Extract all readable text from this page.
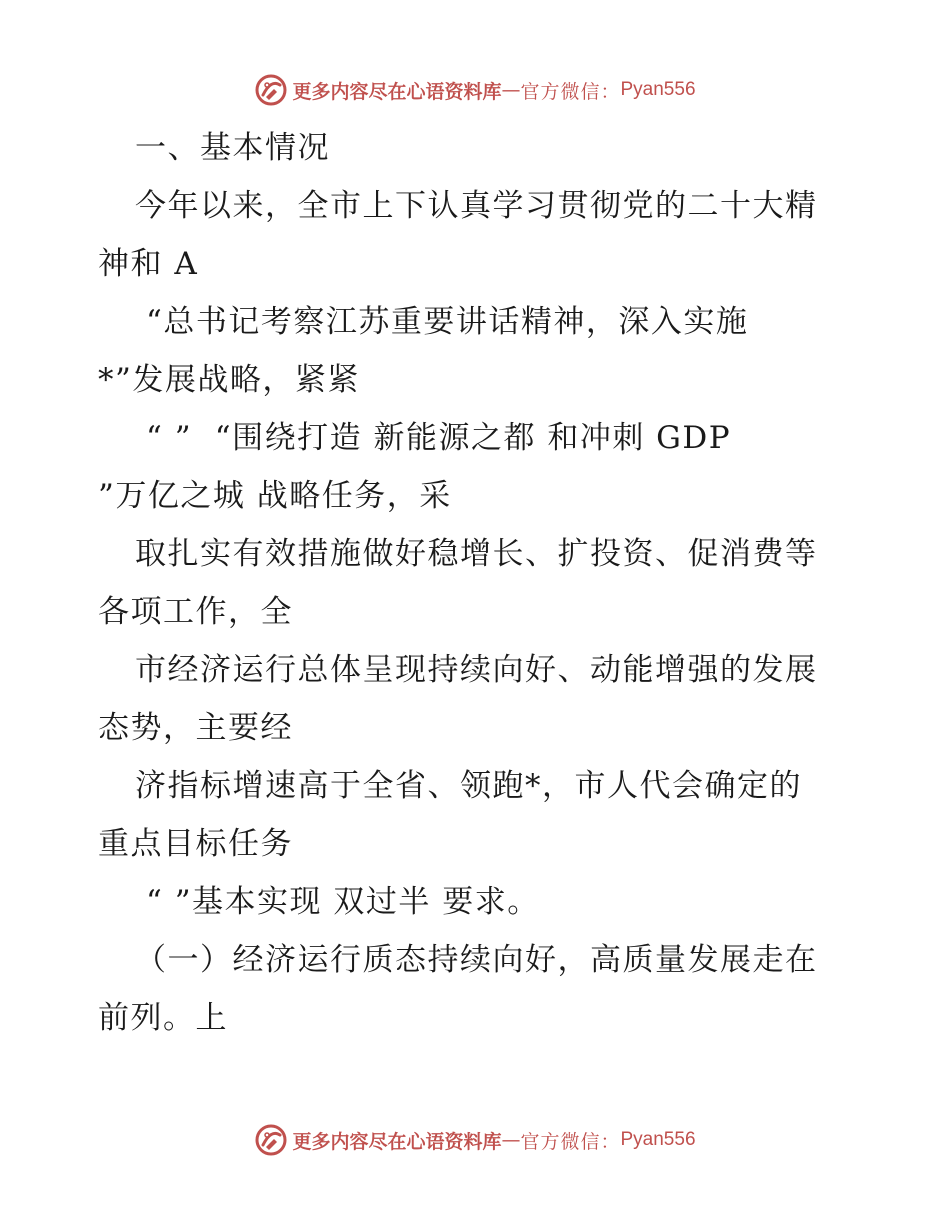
更多内容尽在心语资料库 — 官方微信： Pyan556
一、基本情况
今年以来，全市上下认真学习贯彻党的二十大精
神和 A
“总书记考察江苏重要讲话精神，深入实施
*”发展战略，紧紧
“ ”  “围绕打造 新能源之都 和冲刺 GDP
”万亿之城 战略任务，采
取扎实有效措施做好稳增长、扩投资、促消费等
各项工作，全
市经济运行总体呈现持续向好、动能增强的发展
态势，主要经
济指标增速高于全省、领跑*，市人代会确定的
重点目标任务
“ ”基本实现 双过半 要求。
（一）经济运行质态持续向好，高质量发展走在
前列。上
更多内容尽在心语资料库 — 官方微信： Pyan556
